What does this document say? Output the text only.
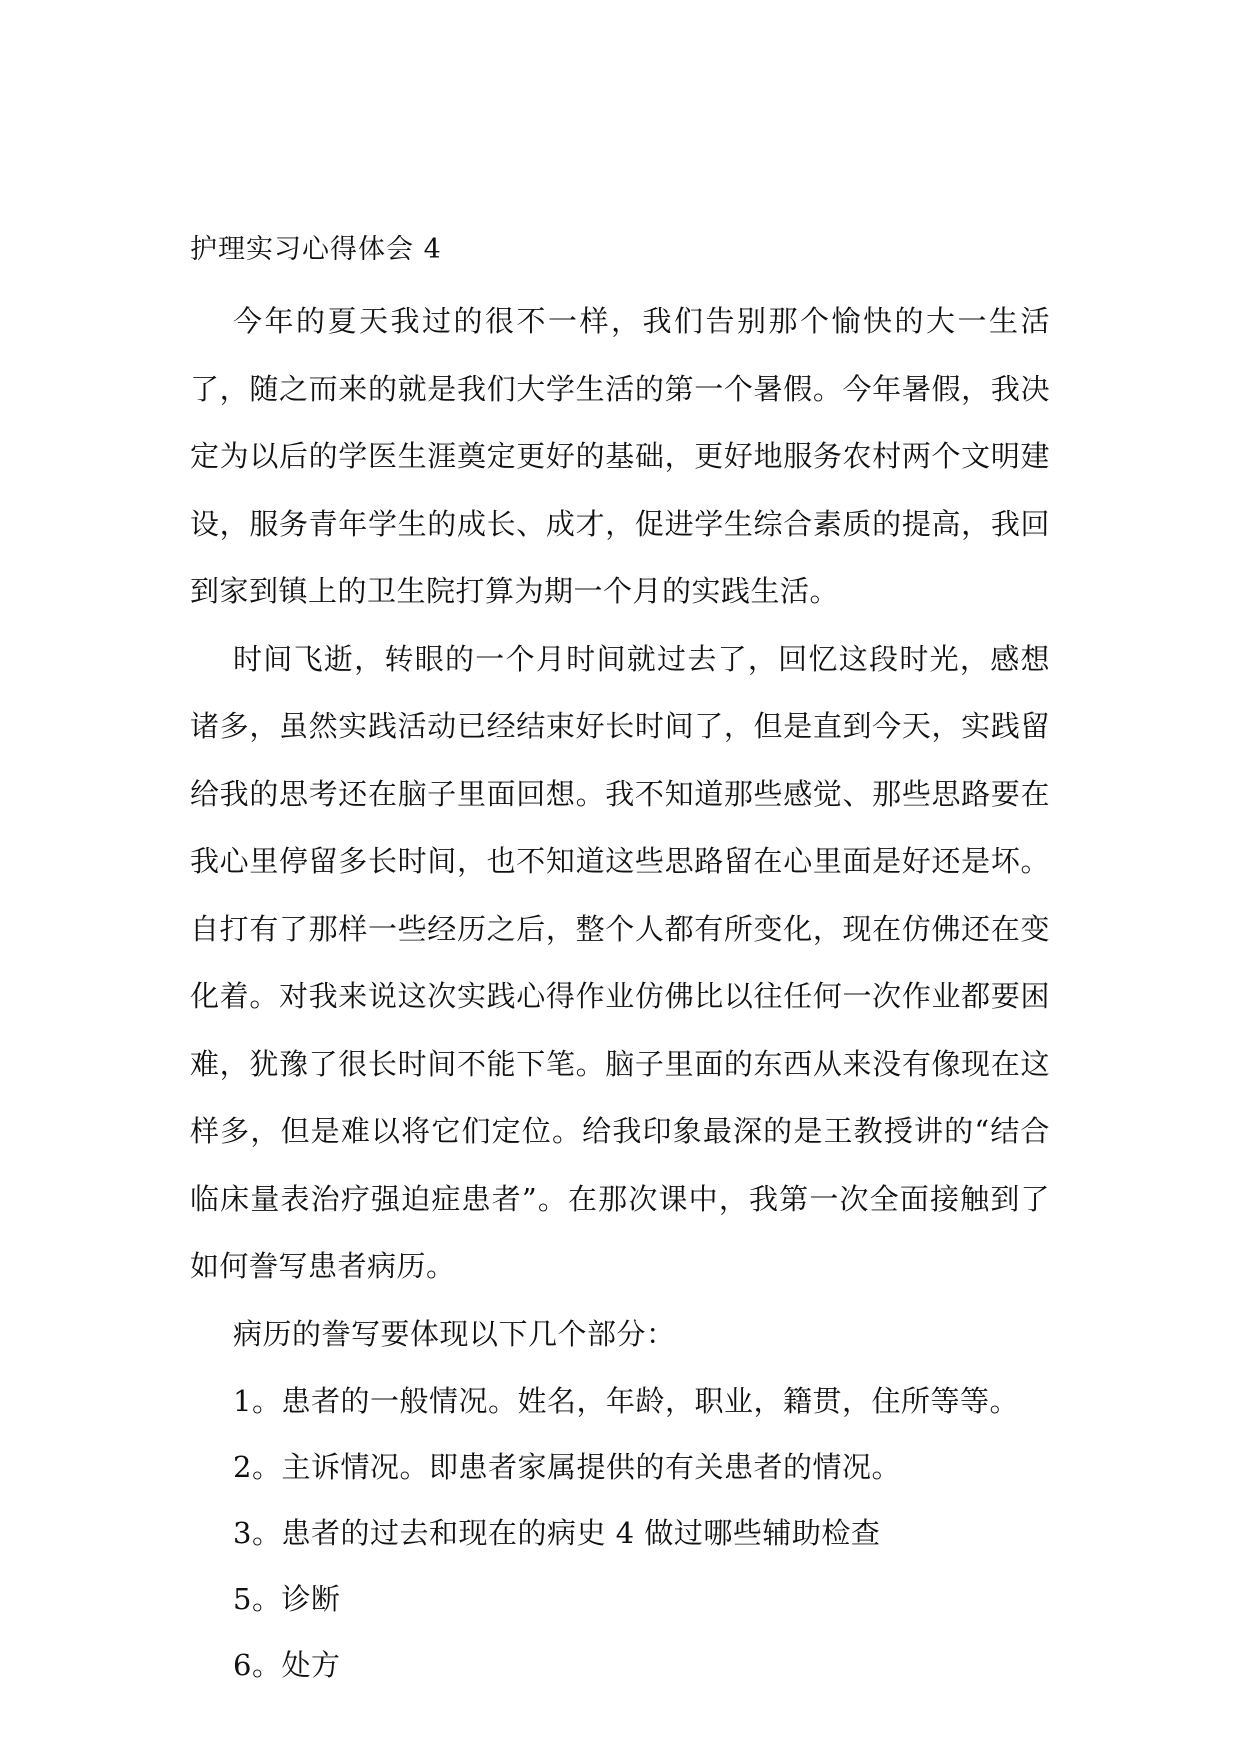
护理实习心得体会 4

今年的夏天我过的很不一样，我们告别那个愉快的大一生活了，随之而来的就是我们大学生活的第一个暑假。今年暑假，我决定为以后的学医生涯奠定更好的基础，更好地服务农村两个文明建设，服务青年学生的成长、成才，促进学生综合素质的提高，我回到家到镇上的卫生院打算为期一个月的实践生活。

时间飞逝，转眼的一个月时间就过去了，回忆这段时光，感想诸多，虽然实践活动已经结束好长时间了，但是直到今天，实践留给我的思考还在脑子里面回想。我不知道那些感觉、那些思路要在我心里停留多长时间，也不知道这些思路留在心里面是好还是坏。自打有了那样一些经历之后，整个人都有所变化，现在仿佛还在变化着。对我来说这次实践心得作业仿佛比以往任何一次作业都要困难，犹豫了很长时间不能下笔。脑子里面的东西从来没有像现在这样多，但是难以将它们定位。给我印象最深的是王教授讲的“结合临床量表治疗强迫症患者”。在那次课中，我第一次全面接触到了如何誊写患者病历。

病历的誊写要体现以下几个部分：

1。患者的一般情况。姓名，年龄，职业，籍贯，住所等等。
2。主诉情况。即患者家属提供的有关患者的情况。
3。患者的过去和现在的病史 4 做过哪些辅助检查
5。诊断
6。处方
